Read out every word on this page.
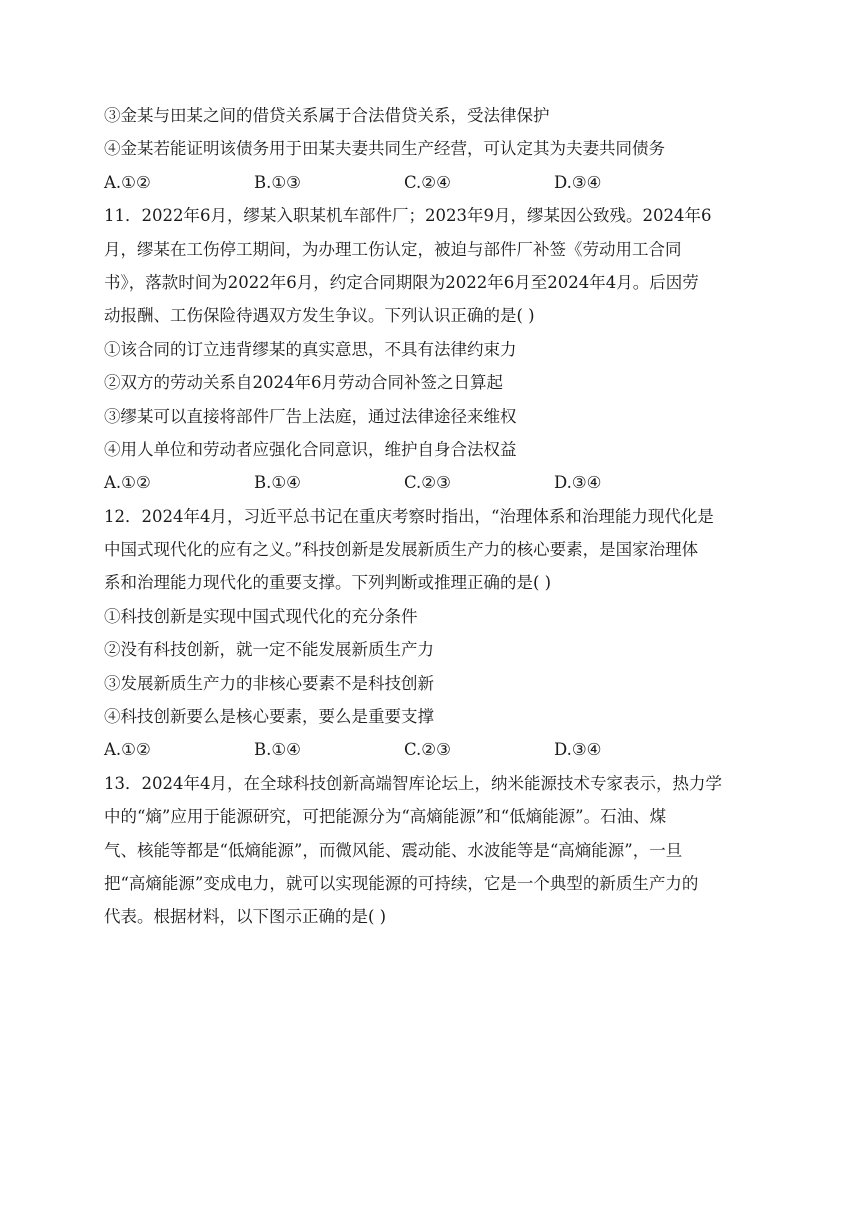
③金某与田某之间的借贷关系属于合法借贷关系，受法律保护
④金某若能证明该债务用于田某夫妻共同生产经营，可认定其为夫妻共同债务
A.①②	B.①③	C.②④	D.③④
11．2022年6月，缪某入职某机车部件厂；2023年9月，缪某因公致残。2024年6
月，缪某在工伤停工期间，为办理工伤认定，被迫与部件厂补签《劳动用工合同
书》，落款时间为2022年6月，约定合同期限为2022年6月至2024年4月。后因劳
动报酬、工伤保险待遇双方发生争议。下列认识正确的是( )
①该合同的订立违背缪某的真实意思，不具有法律约束力
②双方的劳动关系自2024年6月劳动合同补签之日算起
③缪某可以直接将部件厂告上法庭，通过法律途径来维权
④用人单位和劳动者应强化合同意识，维护自身合法权益
A.①②	B.①④	C.②③	D.③④
12．2024年4月，习近平总书记在重庆考察时指出，“治理体系和治理能力现代化是
中国式现代化的应有之义。”科技创新是发展新质生产力的核心要素，是国家治理体
系和治理能力现代化的重要支撑。下列判断或推理正确的是( )
①科技创新是实现中国式现代化的充分条件
②没有科技创新，就一定不能发展新质生产力
③发展新质生产力的非核心要素不是科技创新
④科技创新要么是核心要素，要么是重要支撑
A.①②	B.①④	C.②③	D.③④
13．2024年4月，在全球科技创新高端智库论坛上，纳米能源技术专家表示，热力学
中的“熵”应用于能源研究，可把能源分为“高熵能源”和“低熵能源”。石油、煤
气、核能等都是“低熵能源”，而微风能、震动能、水波能等是“高熵能源”，一旦
把“高熵能源”变成电力，就可以实现能源的可持续，它是一个典型的新质生产力的
代表。根据材料，以下图示正确的是( )
